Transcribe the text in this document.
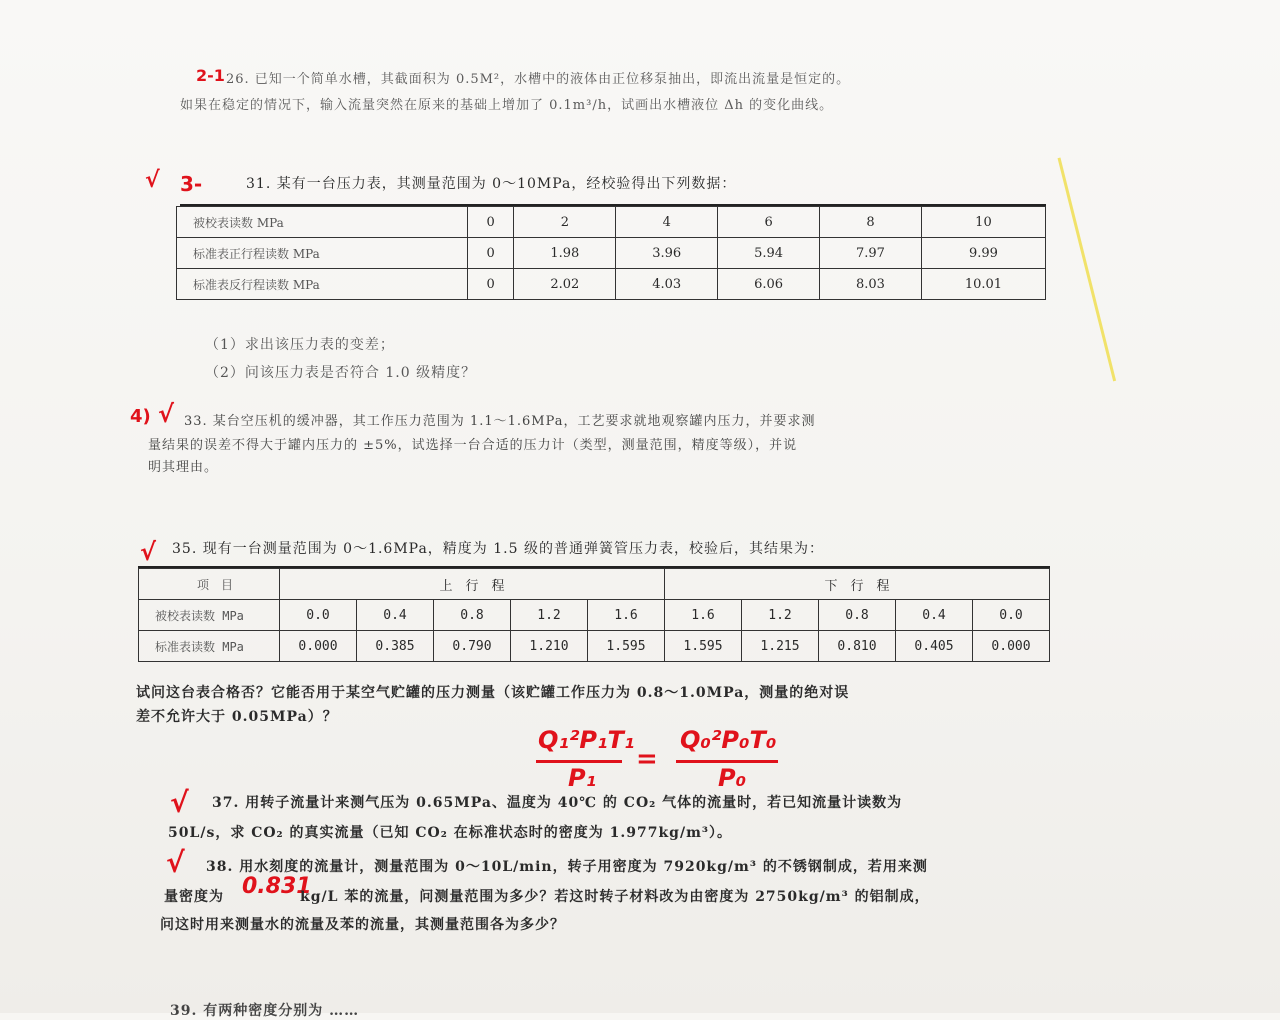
2-1 26. 已知一个简单水槽，其截面积为 0.5M²，水槽中的液体由正位移泵抽出，即流出流量是恒定的。
如果在稳定的情况下，输入流量突然在原来的基础上增加了 0.1m³/h，试画出水槽液位 Δh 的变化曲线。
√ 3-	31. 某有一台压力表，其测量范围为 0～10MPa，经校验得出下列数据：
被校表读数 MPa	0	2	4	6	8	10
标准表正行程读数 MPa	0	1.98	3.96	5.94	7.97	9.99
标准表反行程读数 MPa	0	2.02	4.03	6.06	8.03	10.01
（1）求出该压力表的变差；
（2）问该压力表是否符合 1.0 级精度？
4) √ 33. 某台空压机的缓冲器，其工作压力范围为 1.1～1.6MPa，工艺要求就地观察罐内压力，并要求测
量结果的误差不得大于罐内压力的 ±5%，试选择一台合适的压力计（类型，测量范围，精度等级），并说
明其理由。
√ 35. 现有一台测量范围为 0～1.6MPa，精度为 1.5 级的普通弹簧管压力表，校验后，其结果为：
项　目	上　行　程					下　行　程				
被校表读数 MPa	0.0	0.4	0.8	1.2	1.6	1.6	1.2	0.8	0.4	0.0
标准表读数 MPa	0.000	0.385	0.790	1.210	1.595	1.595	1.215	0.810	0.405	0.000
试问这台表合格否？它能否用于某空气贮罐的压力测量（该贮罐工作压力为 0.8～1.0MPa，测量的绝对误
差不允许大于 0.05MPa）？
Q₁²P₁T₁
P₁
=
Q₀²P₀T₀
P₀
√ 37. 用转子流量计来测气压为 0.65MPa、温度为 40℃ 的 CO₂ 气体的流量时，若已知流量计读数为
50L/s，求 CO₂ 的真实流量（已知 CO₂ 在标准状态时的密度为 1.977kg/m³）。
√ 38. 用水刻度的流量计，测量范围为 0～10L/min，转子用密度为 7920kg/m³ 的不锈钢制成，若用来测
量密度为 0.831
kg/L 苯的流量，问测量范围为多少？若这时转子材料改为由密度为 2750kg/m³ 的铝制成，
问这时用来测量水的流量及苯的流量，其测量范围各为多少？
39. 有两种密度分别为 ……
